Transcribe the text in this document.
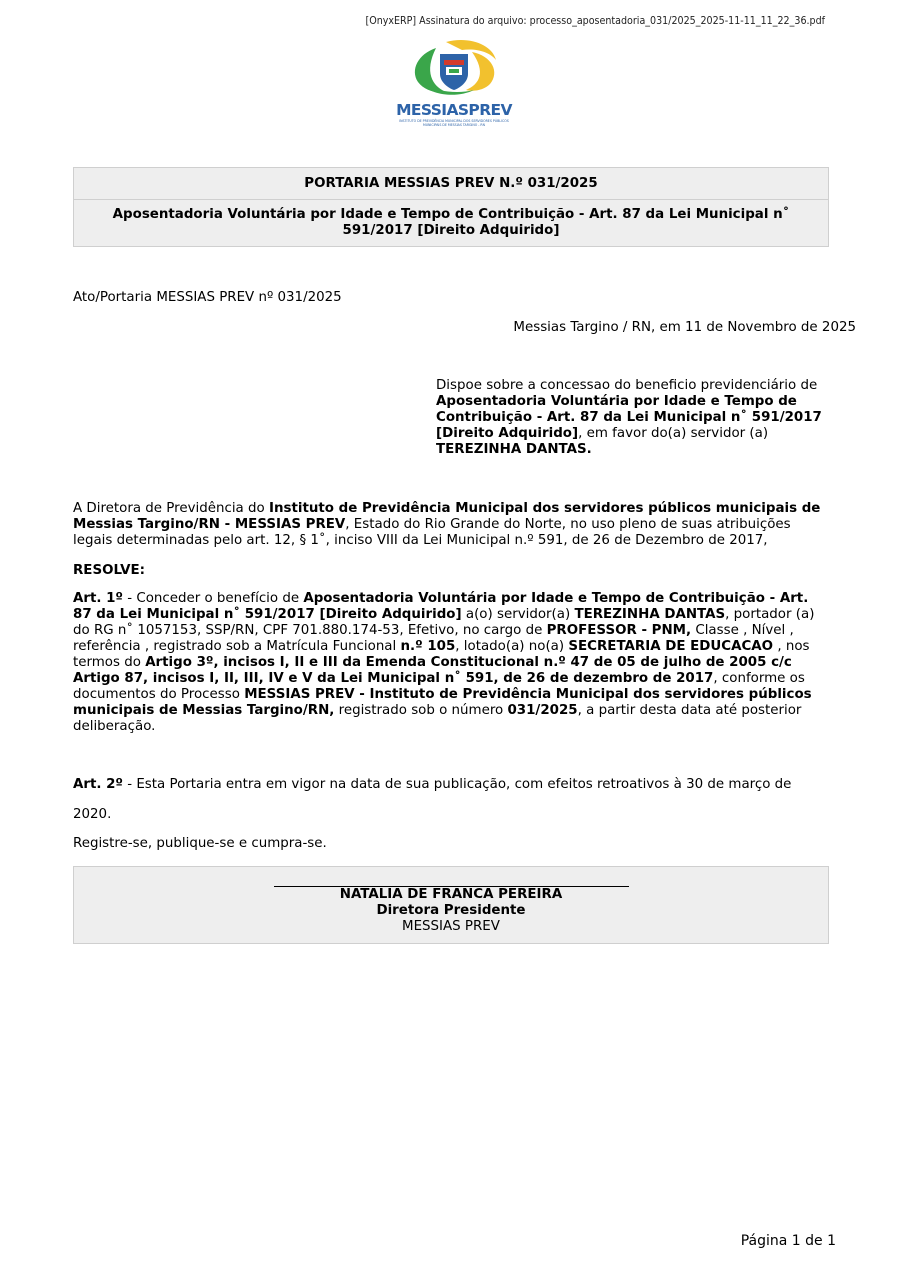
[OnyxERP] Assinatura do arquivo: processo_aposentadoria_031/2025_2025-11-11_11_22_36.pdf
MESSIASPREV
INSTITUTO DE PREVIDÊNCIA MUNICIPAL DOS SERVIDORES PÚBLICOS MUNICIPAIS DE MESSIAS TARGINO - RN
PORTARIA MESSIAS PREV N.º 031/2025
Aposentadoria Voluntária por Idade e Tempo de Contribuição - Art. 87 da Lei Municipal n˚ 591/2017 [Direito Adquirido]
Ato/Portaria MESSIAS PREV nº 031/2025
Messias Targino / RN, em 11 de Novembro de 2025
Dispoe sobre a concessao do beneficio previdenciário de Aposentadoria Voluntária por Idade e Tempo de Contribuição - Art. 87 da Lei Municipal n˚ 591/2017 [Direito Adquirido], em favor do(a) servidor (a) TEREZINHA DANTAS.
A Diretora de Previdência do Instituto de Previdência Municipal dos servidores públicos municipais de Messias Targino/RN - MESSIAS PREV, Estado do Rio Grande do Norte, no uso pleno de suas atribuições legais determinadas pelo art. 12, § 1˚, inciso VIII da Lei Municipal n.º 591, de 26 de Dezembro de 2017,
RESOLVE:
Art. 1º - Conceder o benefício de Aposentadoria Voluntária por Idade e Tempo de Contribuição - Art. 87 da Lei Municipal n˚ 591/2017 [Direito Adquirido] a(o) servidor(a) TEREZINHA DANTAS, portador (a) do RG n˚ 1057153, SSP/RN, CPF 701.880.174-53, Efetivo, no cargo de PROFESSOR - PNM, Classe , Nível , referência , registrado sob a Matrícula Funcional n.º 105, lotado(a) no(a) SECRETARIA DE EDUCACAO , nos termos do Artigo 3º, incisos I, II e III da Emenda Constitucional n.º 47 de 05 de julho de 2005 c/c Artigo 87, incisos I, II, III, IV e V da Lei Municipal n˚ 591, de 26 de dezembro de 2017, conforme os documentos do Processo MESSIAS PREV - Instituto de Previdência Municipal dos servidores públicos municipais de Messias Targino/RN, registrado sob o número 031/2025, a partir desta data até posterior deliberação.
Art. 2º - Esta Portaria entra em vigor na data de sua publicação, com efeitos retroativos à 30 de março de
2020.
Registre-se, publique-se e cumpra-se.
NATALIA DE FRANCA PEREIRA
Diretora Presidente
MESSIAS PREV
Página 1 de 1
